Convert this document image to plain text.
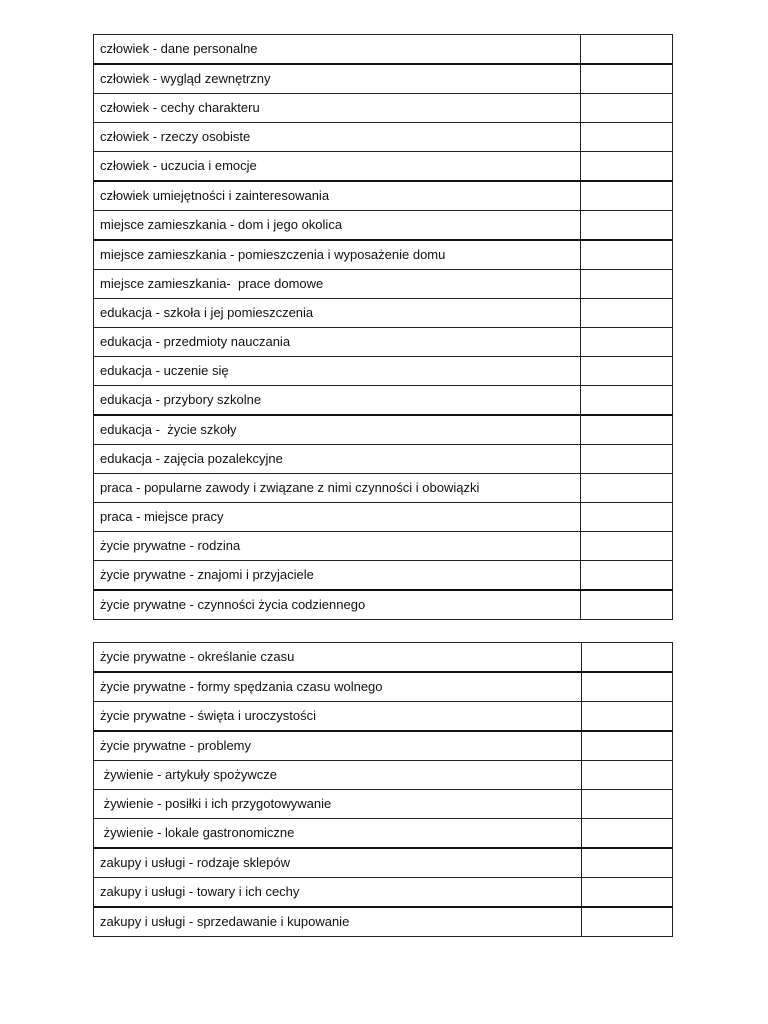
człowiek - dane personalne	
człowiek - wygląd zewnętrzny	
człowiek - cechy charakteru	
człowiek - rzeczy osobiste	
człowiek - uczucia i emocje	
człowiek umiejętności i zainteresowania	
miejsce zamieszkania - dom i jego okolica	
miejsce zamieszkania - pomieszczenia i wyposażenie domu	
miejsce zamieszkania-  prace domowe	
edukacja - szkoła i jej pomieszczenia	
edukacja - przedmioty nauczania	
edukacja - uczenie się	
edukacja - przybory szkolne	
edukacja -  życie szkoły	
edukacja - zajęcia pozalekcyjne	
praca - popularne zawody i związane z nimi czynności i obowiązki	
praca - miejsce pracy	
życie prywatne - rodzina	
życie prywatne - znajomi i przyjaciele	
życie prywatne - czynności życia codziennego	
życie prywatne - określanie czasu	
życie prywatne - formy spędzania czasu wolnego	
życie prywatne - święta i uroczystości	
życie prywatne - problemy	
żywienie - artykuły spożywcze	
żywienie - posiłki i ich przygotowywanie	
żywienie - lokale gastronomiczne	
zakupy i usługi - rodzaje sklepów	
zakupy i usługi - towary i ich cechy	
zakupy i usługi - sprzedawanie i kupowanie	
